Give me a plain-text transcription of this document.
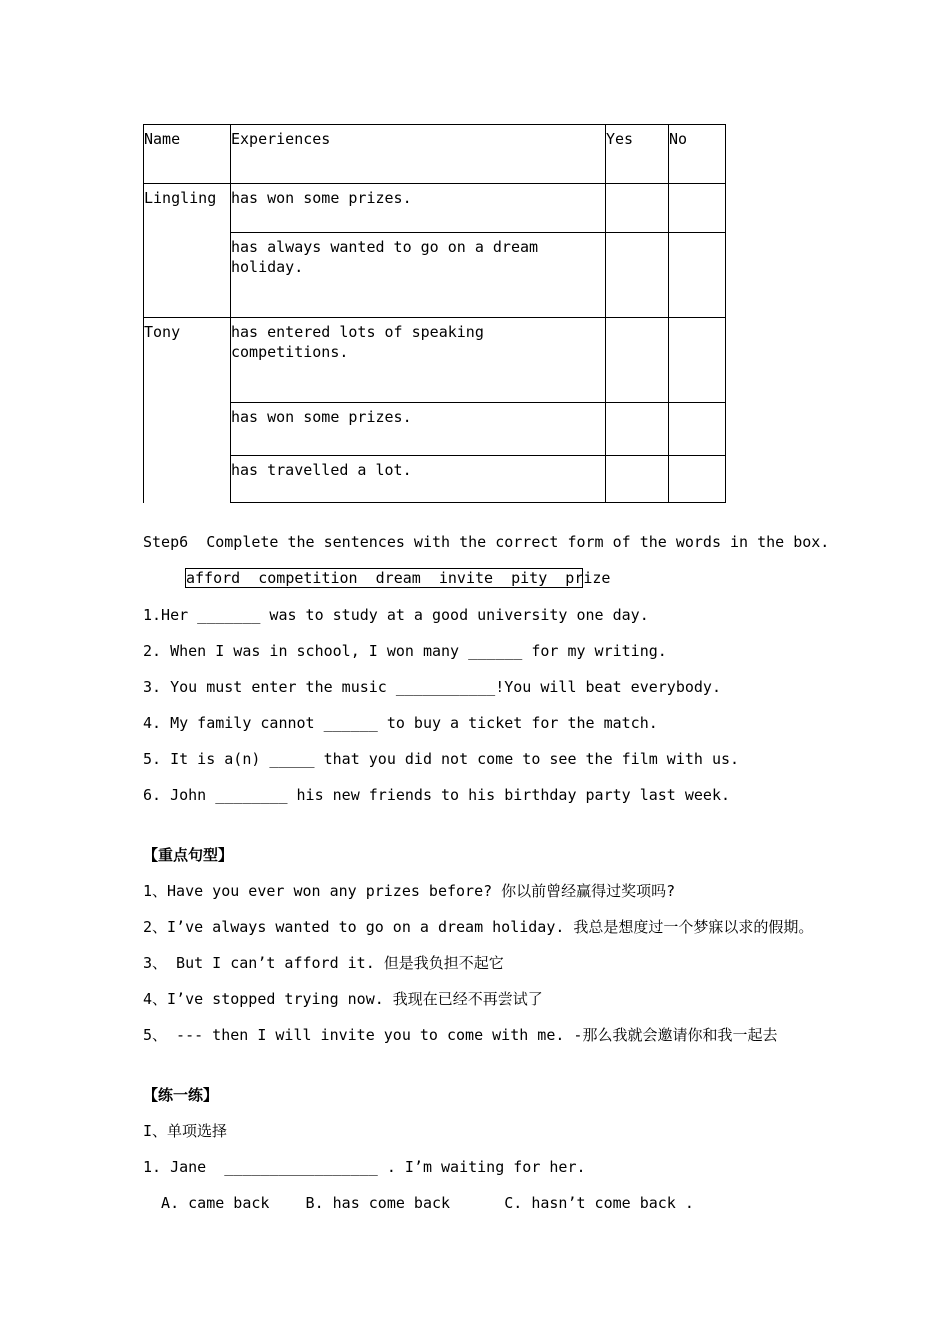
Name	Experiences	Yes	No
Lingling	has won some prizes.		
	has always wanted to go on a dream holiday.		
Tony	has entered lots of speaking competitions.		
	has won some prizes.		
	has travelled a lot.		
Step6  Complete the sentences with the correct form of the words in the box.
afford  competition  dream  invite  pity  prize
1.Her _______ was to study at a good university one day.
2. When I was in school, I won many ______ for my writing.
3. You must enter the music ___________!You will beat everybody.
4. My family cannot ______ to buy a ticket for the match.
5. It is a(n) _____ that you did not come to see the film with us.
6. John ________ his new friends to his birthday party last week.
【重点句型】
1、Have you ever won any prizes before? 你以前曾经赢得过奖项吗?
2、I’ve always wanted to go on a dream holiday. 我总是想度过一个梦寐以求的假期。
3、 But I can’t afford it. 但是我负担不起它
4、I’ve stopped trying now. 我现在已经不再尝试了
5、 --- then I will invite you to come with me. -那么我就会邀请你和我一起去
【练一练】
I、单项选择
1. Jane  _________________ . I’m waiting for her.
A. came back    B. has come back      C. hasn’t come back .
